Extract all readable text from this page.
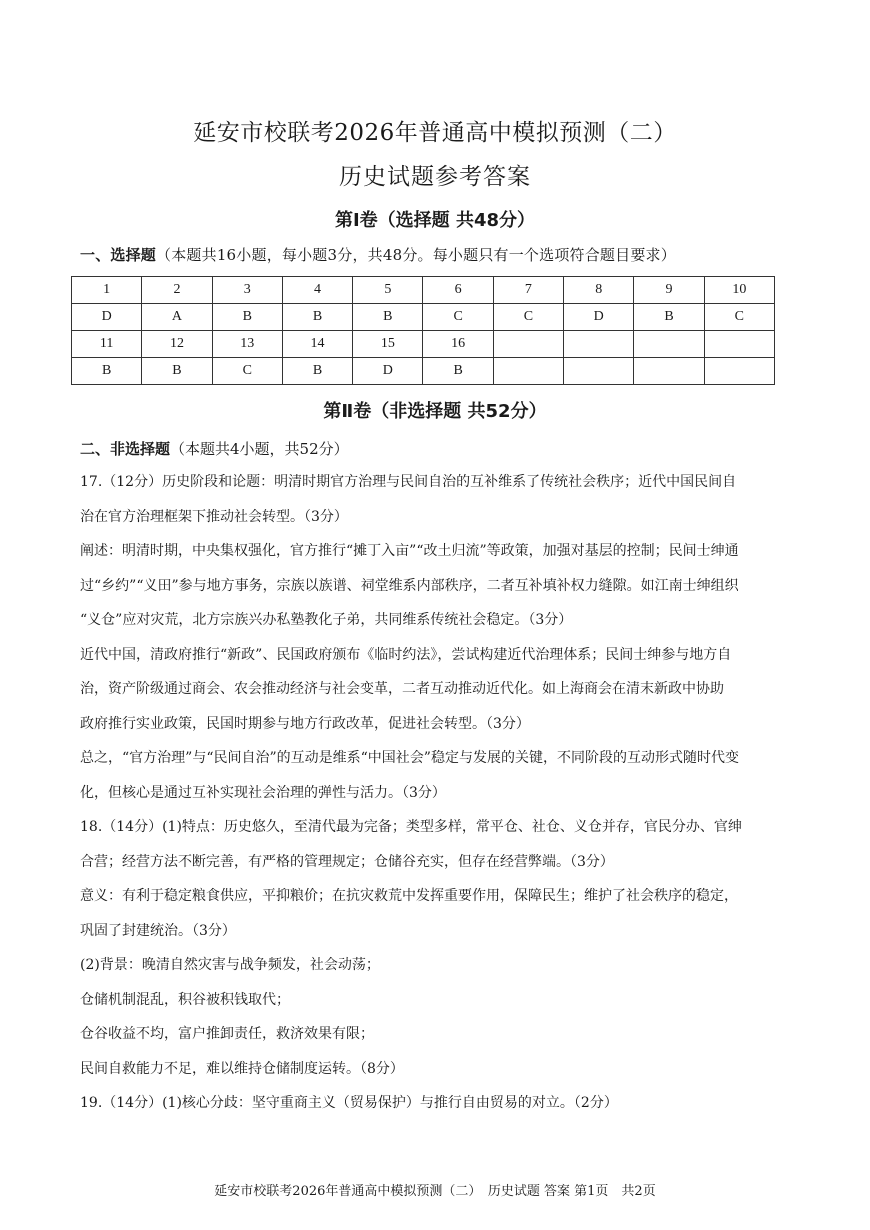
延安市校联考2026年普通高中模拟预测（二）
历史试题参考答案
第Ⅰ卷（选择题 共48分）
一、选择题（本题共16小题，每小题3分，共48分。每小题只有一个选项符合题目要求）
1	2	3	4	5	6	7	8	9	10
D	A	B	B	B	C	C	D	B	C
11	12	13	14	15	16				
B	B	C	B	D	B				
第Ⅱ卷（非选择题 共52分）
二、非选择题（本题共4小题，共52分）
17.（12分）历史阶段和论题：明清时期官方治理与民间自治的互补维系了传统社会秩序；近代中国民间自
治在官方治理框架下推动社会转型。（3分）
阐述：明清时期，中央集权强化，官方推行“摊丁入亩”“改土归流”等政策，加强对基层的控制；民间士绅通
过“乡约”“义田”参与地方事务，宗族以族谱、祠堂维系内部秩序，二者互补填补权力缝隙。如江南士绅组织
“义仓”应对灾荒，北方宗族兴办私塾教化子弟，共同维系传统社会稳定。（3分）
近代中国，清政府推行“新政”、民国政府颁布《临时约法》，尝试构建近代治理体系；民间士绅参与地方自
治，资产阶级通过商会、农会推动经济与社会变革，二者互动推动近代化。如上海商会在清末新政中协助
政府推行实业政策，民国时期参与地方行政改革，促进社会转型。（3分）
总之，“官方治理”与“民间自治”的互动是维系“中国社会”稳定与发展的关键，不同阶段的互动形式随时代变
化，但核心是通过互补实现社会治理的弹性与活力。（3分）
18.（14分）(1)特点：历史悠久，至清代最为完备；类型多样，常平仓、社仓、义仓并存，官民分办、官绅
合营；经营方法不断完善，有严格的管理规定；仓储谷充实，但存在经营弊端。（3分）
意义：有利于稳定粮食供应，平抑粮价；在抗灾救荒中发挥重要作用，保障民生；维护了社会秩序的稳定，
巩固了封建统治。（3分）
(2)背景：晚清自然灾害与战争频发，社会动荡；
仓储机制混乱，积谷被积钱取代；
仓谷收益不均，富户推卸责任，救济效果有限；
民间自救能力不足，难以维持仓储制度运转。（8分）
19.（14分）(1)核心分歧：坚守重商主义（贸易保护）与推行自由贸易的对立。（2分）
延安市校联考2026年普通高中模拟预测（二）　历史试题 答案 第1页　共2页
